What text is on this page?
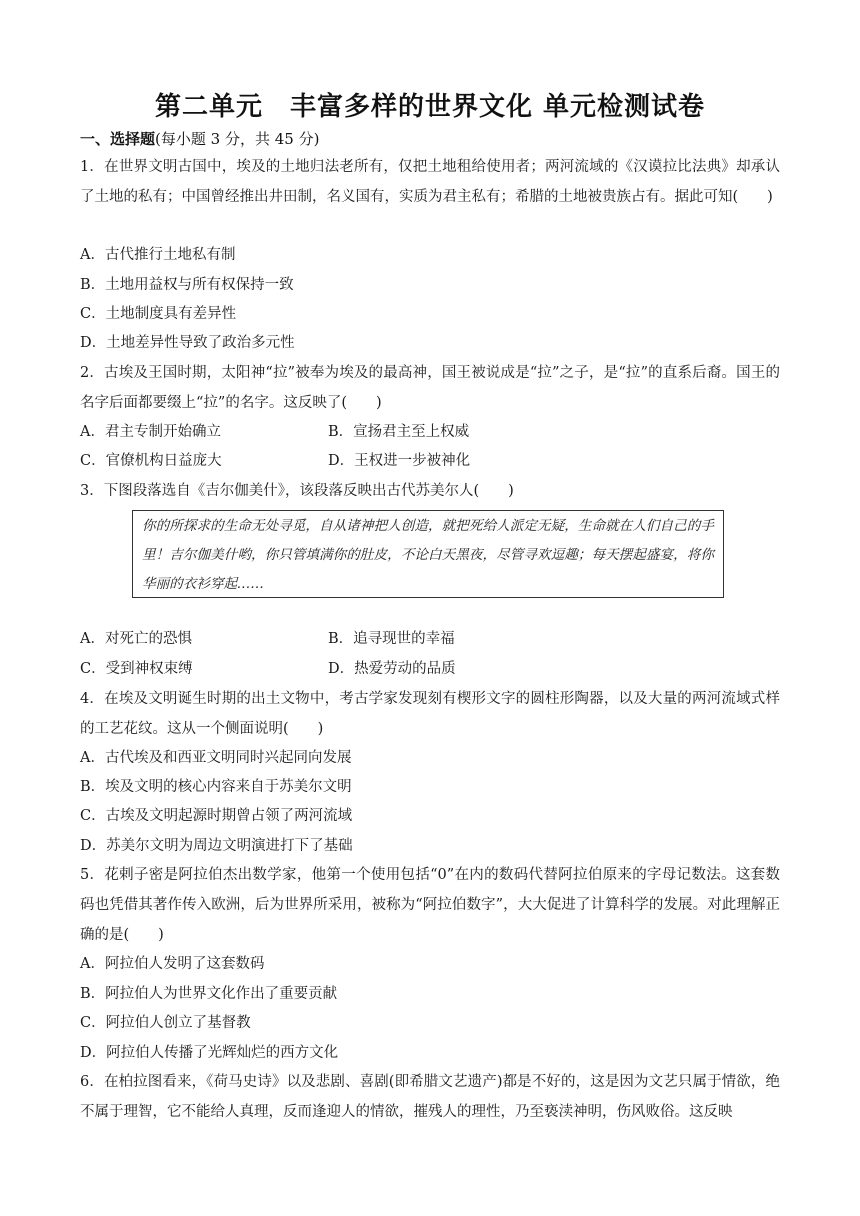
第二单元　丰富多样的世界文化 单元检测试卷
一、选择题(每小题 3 分，共 45 分)
1．在世界文明古国中，埃及的土地归法老所有，仅把土地租给使用者；两河流域的《汉谟拉比法典》却承认了土地的私有；中国曾经推出井田制，名义国有，实质为君主私有；希腊的土地被贵族占有。据此可知(　　)
A．古代推行土地私有制
B．土地用益权与所有权保持一致
C．土地制度具有差异性
D．土地差异性导致了政治多元性
2．古埃及王国时期，太阳神“拉”被奉为埃及的最高神，国王被说成是“拉”之子，是“拉”的直系后裔。国王的名字后面都要缀上“拉”的名字。这反映了(　　)
A．君主专制开始确立	B．宣扬君主至上权威
C．官僚机构日益庞大	D．王权进一步被神化
3．下图段落选自《吉尔伽美什》，该段落反映出古代苏美尔人(　　)
你的所探求的生命无处寻觅，自从诸神把人创造，就把死给人派定无疑，生命就在人们自己的手里！吉尔伽美什哟，你只管填满你的肚皮，不论白天黑夜，尽管寻欢逗趣；每天摆起盛宴，将你华丽的衣衫穿起……
A．对死亡的恐惧	B．追寻现世的幸福
C．受到神权束缚	D．热爱劳动的品质
4．在埃及文明诞生时期的出土文物中，考古学家发现刻有楔形文字的圆柱形陶器，以及大量的两河流域式样的工艺花纹。这从一个侧面说明(　　)
A．古代埃及和西亚文明同时兴起同向发展
B．埃及文明的核心内容来自于苏美尔文明
C．古埃及文明起源时期曾占领了两河流域
D．苏美尔文明为周边文明演进打下了基础
5．花剌子密是阿拉伯杰出数学家，他第一个使用包括“0”在内的数码代替阿拉伯原来的字母记数法。这套数码也凭借其著作传入欧洲，后为世界所采用，被称为“阿拉伯数字”，大大促进了计算科学的发展。对此理解正确的是(　　)
A．阿拉伯人发明了这套数码
B．阿拉伯人为世界文化作出了重要贡献
C．阿拉伯人创立了基督教
D．阿拉伯人传播了光辉灿烂的西方文化
6．在柏拉图看来，《荷马史诗》以及悲剧、喜剧(即希腊文艺遗产)都是不好的，这是因为文艺只属于情欲，绝不属于理智，它不能给人真理，反而逢迎人的情欲，摧残人的理性，乃至亵渎神明，伤风败俗。这反映
